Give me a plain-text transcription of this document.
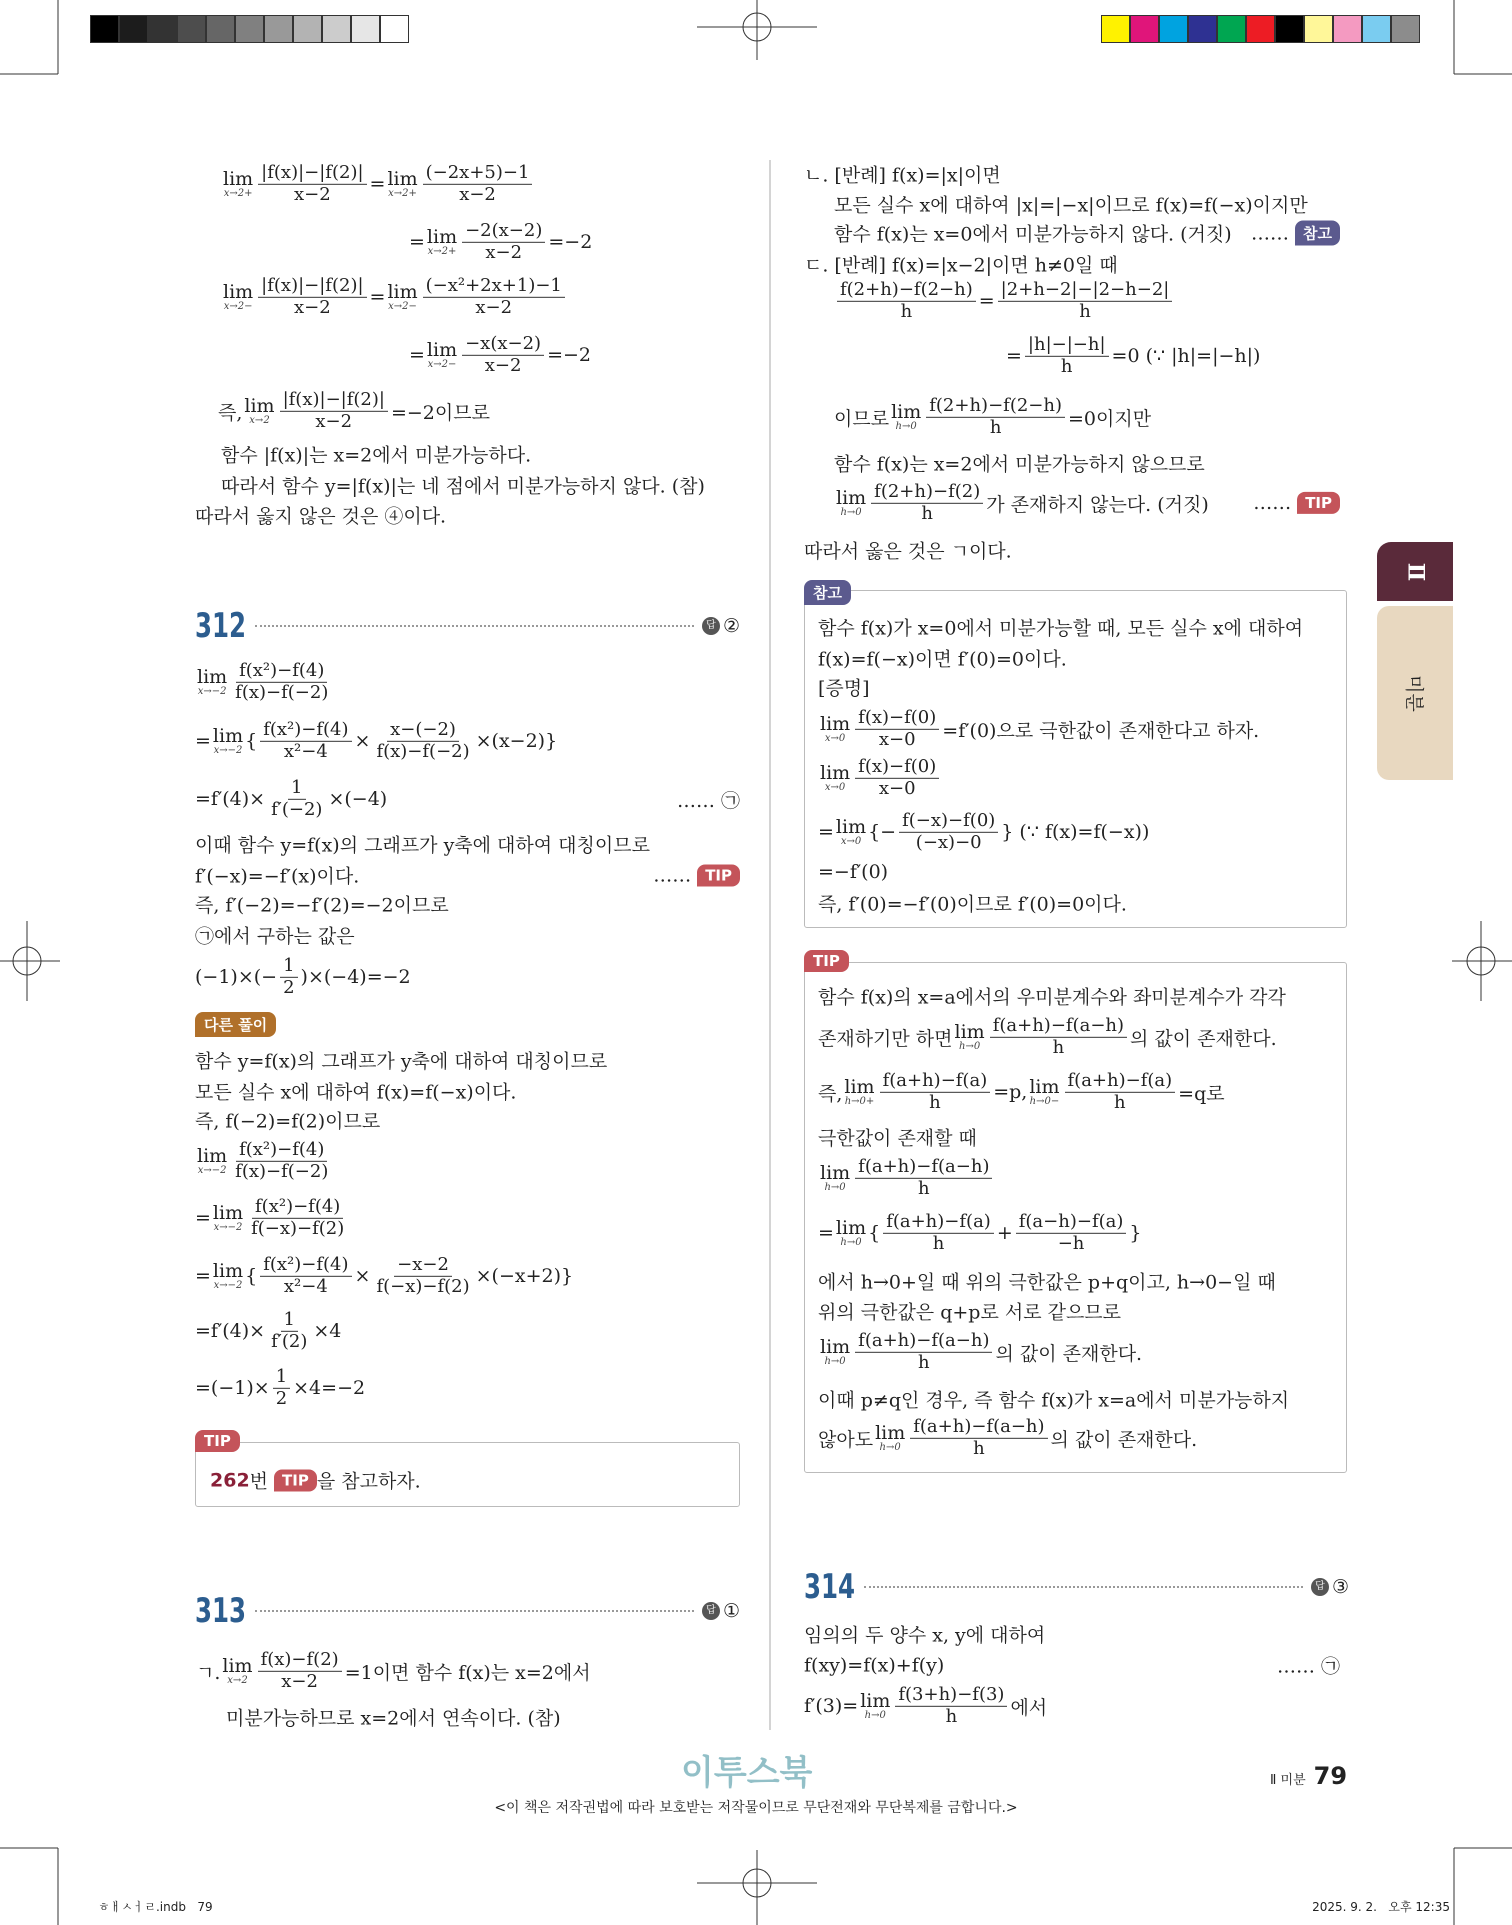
Ⅱ
미분
312	답 ②
313	답 ①
314	답 ③
다른 풀이
TIP
262 번 TIP 을 참고하자.
참고
TIP
lim
$x\to 2+ \frac{|f(x)|-|f(2)|}{x-2} = \lim$
$x\to 2+ \frac{(-2x+5)-1}{x-2}$
= lim
$x\to 2+ \frac{-2(x-2)}{x-2} =-2$
lim
$x\to 2- \frac{|f(x)|-|f(2)|}{x-2} = \lim$
$x\to 2- \frac{\text{(−x²+2x+1)−1}}{x-2}$
= lim
$x\to 2- \frac{-x(x-2)}{x-2} =-2$
즉, lim
$x\to 2 \frac{|f(x)|-|f(2)|}{x-2} =-2$이므로
함수 |f(x)|는 x=2에서 미분가능하다.
따라서 함수 y=|f(x)|는 네 점에서 미분가능하지 않다. (참)
따라서 옳지 않은 것은 ④이다.
lim
$x\to-2 \frac{\text{f(x²)−f(4)}}{f(x)-f(-2)}$
= lim
x→−2 { $\frac{\text{f(x²)−f(4)}}{\text{x²−4}} \times \frac{x-(-2)}{f(x)-f(-2)} \times(x-2)$}
$=f'(4)\times \frac{1}{f'(-2)} \times(-4)$	…… ㉠
이때 함수 y=f(x)의 그래프가 y축에 대하여 대칭이므로
f′(−x)=−f′(x)이다.	…… TIP
즉, f′(−2)=−f′(2)=−2이므로
㉠에서 구하는 값은
$(-1)\times(- \frac{1}{2} )\times(-4)=-2$
함수 y=f(x)의 그래프가 y축에 대하여 대칭이므로
모든 실수 x에 대하여 f(x)=f(−x)이다.
즉, f(−2)=f(2)이므로
lim
$x\to-2 \frac{\text{f(x²)−f(4)}}{f(x)-f(-2)}$
= lim
$x\to-2 \frac{\text{f(x²)−f(4)}}{f(-x)-f(2)}$
= lim
x→−2 { $\frac{\text{f(x²)−f(4)}}{\text{x²−4}} \times \frac{-x-2}{f(-x)-f(2)} \times(-x+2)$}
$=f'(4)\times \frac{1}{f'(2)} \times 4$
$=(-1)\times \frac{1}{2} \times 4=-2$
ㄱ. lim
$x\to 2 \frac{f(x)-f(2)}{x-2} =1$이면 함수 f(x)는 x=2에서
미분가능하므로 x=2에서 연속이다. (참)
ㄴ. [반례] f(x)=|x|이면
모든 실수 x에 대하여 |x|=|−x|이므로 f(x)=f(−x)이지만
함수 f(x)는 x=0에서 미분가능하지 않다. (거짓) …… 참고
ㄷ. [반례] f(x)=|x−2|이면 h≠0일 때
$\frac{f(2+h)-f(2-h)}{h} = \frac{|2+h-2|-|2-h-2|}{h}$
= $\frac{|h|-|-h|}{h} =0$ (∵ |h|=|−h|)
이므로 lim
$h\to 0 \frac{f(2+h)-f(2-h)}{h} =0$이지만
함수 f(x)는 x=2에서 미분가능하지 않으므로
lim
$h\to 0 \frac{f(2+h)-f(2)}{h}$ 가 존재하지 않는다. (거짓) …… TIP
따라서 옳은 것은 ㄱ이다.
함수 f(x)가 x=0에서 미분가능할 때, 모든 실수 x에 대하여
f(x)=f(−x)이면 f′(0)=0이다.
[증명]
lim
$x\to 0 \frac{f(x)-f(0)}{x-0} =f'(0)$으로 극한값이 존재한다고 하자.
lim
$x\to 0 \frac{f(x)-f(0)}{x-0}$
= lim
x→0 {− $\frac{f(-x)-f(0)}{(-x)-0}$ } (∵ f(x)=f(−x))
=−f′(0)
즉, f′(0)=−f′(0)이므로 f′(0)=0이다.
함수 f(x)의 x=a에서의 우미분계수와 좌미분계수가 각각
존재하기만 하면 lim
$h\to 0 \frac{f(a+h)-f(a-h)}{h}$ 의 값이 존재한다.
즉, lim
$h\to 0+ \frac{f(a+h)-f(a)}{h} =p$, lim
$h\to 0- \frac{f(a+h)-f(a)}{h} =q$로
극한값이 존재할 때
lim
$h\to 0 \frac{f(a+h)-f(a-h)}{h}$
= lim
h→0 { $\frac{f(a+h)-f(a)}{h} + \frac{f(a-h)-f(a)}{-h}$ }
에서 h→0+일 때 위의 극한값은 p+q이고, h→0−일 때
위의 극한값은 q+p로 서로 같으므로
lim
$h\to 0 \frac{f(a+h)-f(a-h)}{h}$ 의 값이 존재한다.
이때 p≠q인 경우, 즉 함수 f(x)가 x=a에서 미분가능하지
않아도 lim
$h\to 0 \frac{f(a+h)-f(a-h)}{h}$ 의 값이 존재한다.
임의의 두 양수 x, y에 대하여
f(xy)=f(x)+f(y)	…… ㉠
f′(3)= lim
$h\to 0 \frac{f(3+h)-f(3)}{h}$ 에서
이투스북
<이 책은 저작권법에 따라 보호받는 저작물이므로 무단전재와 무단복제를 금합니다.>
Ⅱ 미분 79
ㅎㅐㅅㅓㄹ.indb   79	2025. 9. 2.   오후 12:35
